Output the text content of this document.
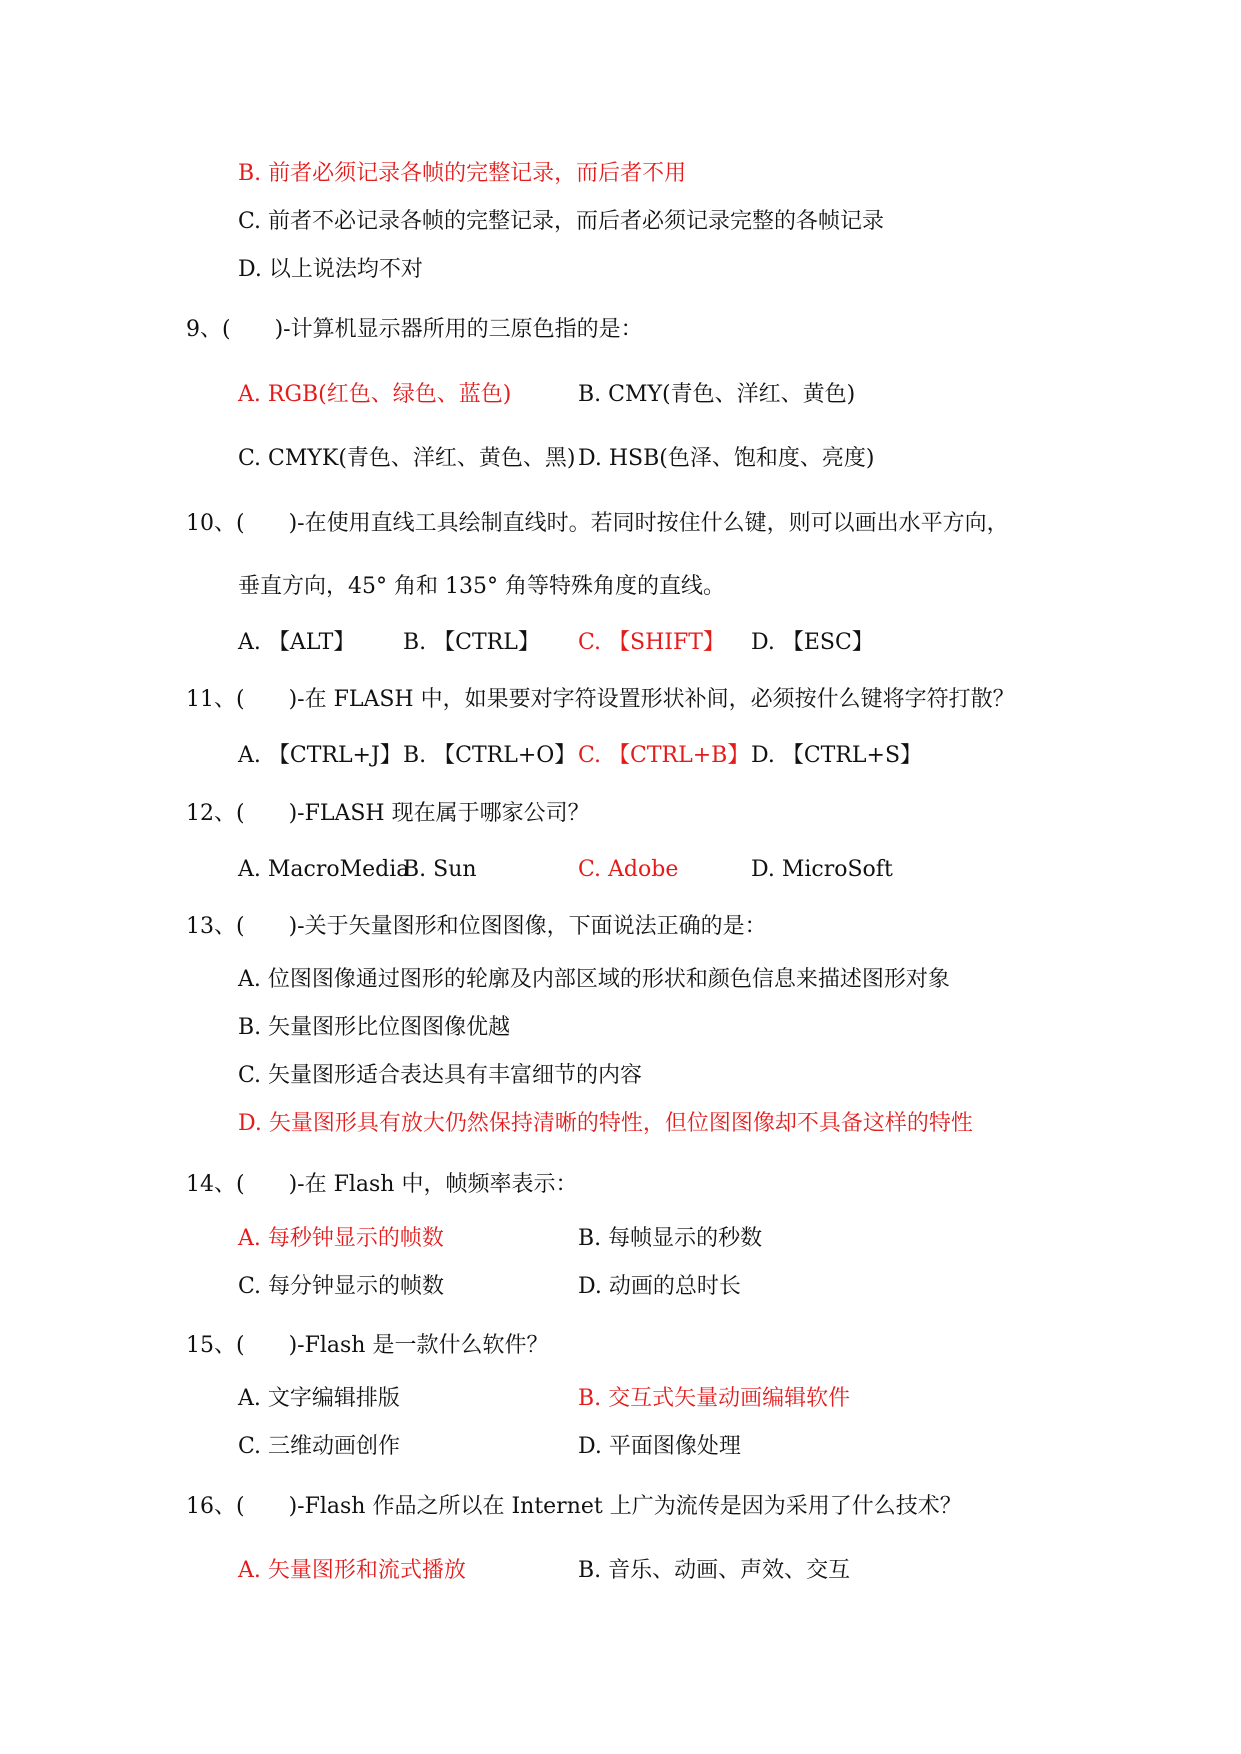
B. 前者必须记录各帧的完整记录，而后者不用
C. 前者不必记录各帧的完整记录，而后者必须记录完整的各帧记录
D. 以上说法均不对
9、(　　)-计算机显示器所用的三原色指的是：
A. RGB(红色、绿色、蓝色)	B. CMY(青色、洋红、黄色)
C. CMYK(青色、洋红、黄色、黑) D. HSB(色泽、饱和度、亮度)
10、(　　)-在使用直线工具绘制直线时。若同时按住什么键，则可以画出水平方向，
垂直方向，45° 角和 135° 角等特殊角度的直线。
A. 【ALT】 B. 【CTRL】 C. 【SHIFT】 D. 【ESC】
11、(　　)-在 FLASH 中，如果要对字符设置形状补间，必须按什么键将字符打散？
A. 【CTRL+J】 B. 【CTRL+O】 C. 【CTRL+B】 D. 【CTRL+S】
12、(　　)-FLASH 现在属于哪家公司？
A. MacroMedia
B. Sun	C. Adobe	D. MicroSoft
13、(　　)-关于矢量图形和位图图像，下面说法正确的是：
A. 位图图像通过图形的轮廓及内部区域的形状和颜色信息来描述图形对象
B. 矢量图形比位图图像优越
C. 矢量图形适合表达具有丰富细节的内容
D. 矢量图形具有放大仍然保持清晰的特性，但位图图像却不具备这样的特性
14、(　　)-在 Flash 中，帧频率表示：
A. 每秒钟显示的帧数	B. 每帧显示的秒数
C. 每分钟显示的帧数	D. 动画的总时长
15、(　　)-Flash 是一款什么软件？
A. 文字编辑排版	B. 交互式矢量动画编辑软件
C. 三维动画创作	D. 平面图像处理
16、(　　)-Flash 作品之所以在 Internet 上广为流传是因为采用了什么技术？
A. 矢量图形和流式播放	B. 音乐、动画、声效、交互
